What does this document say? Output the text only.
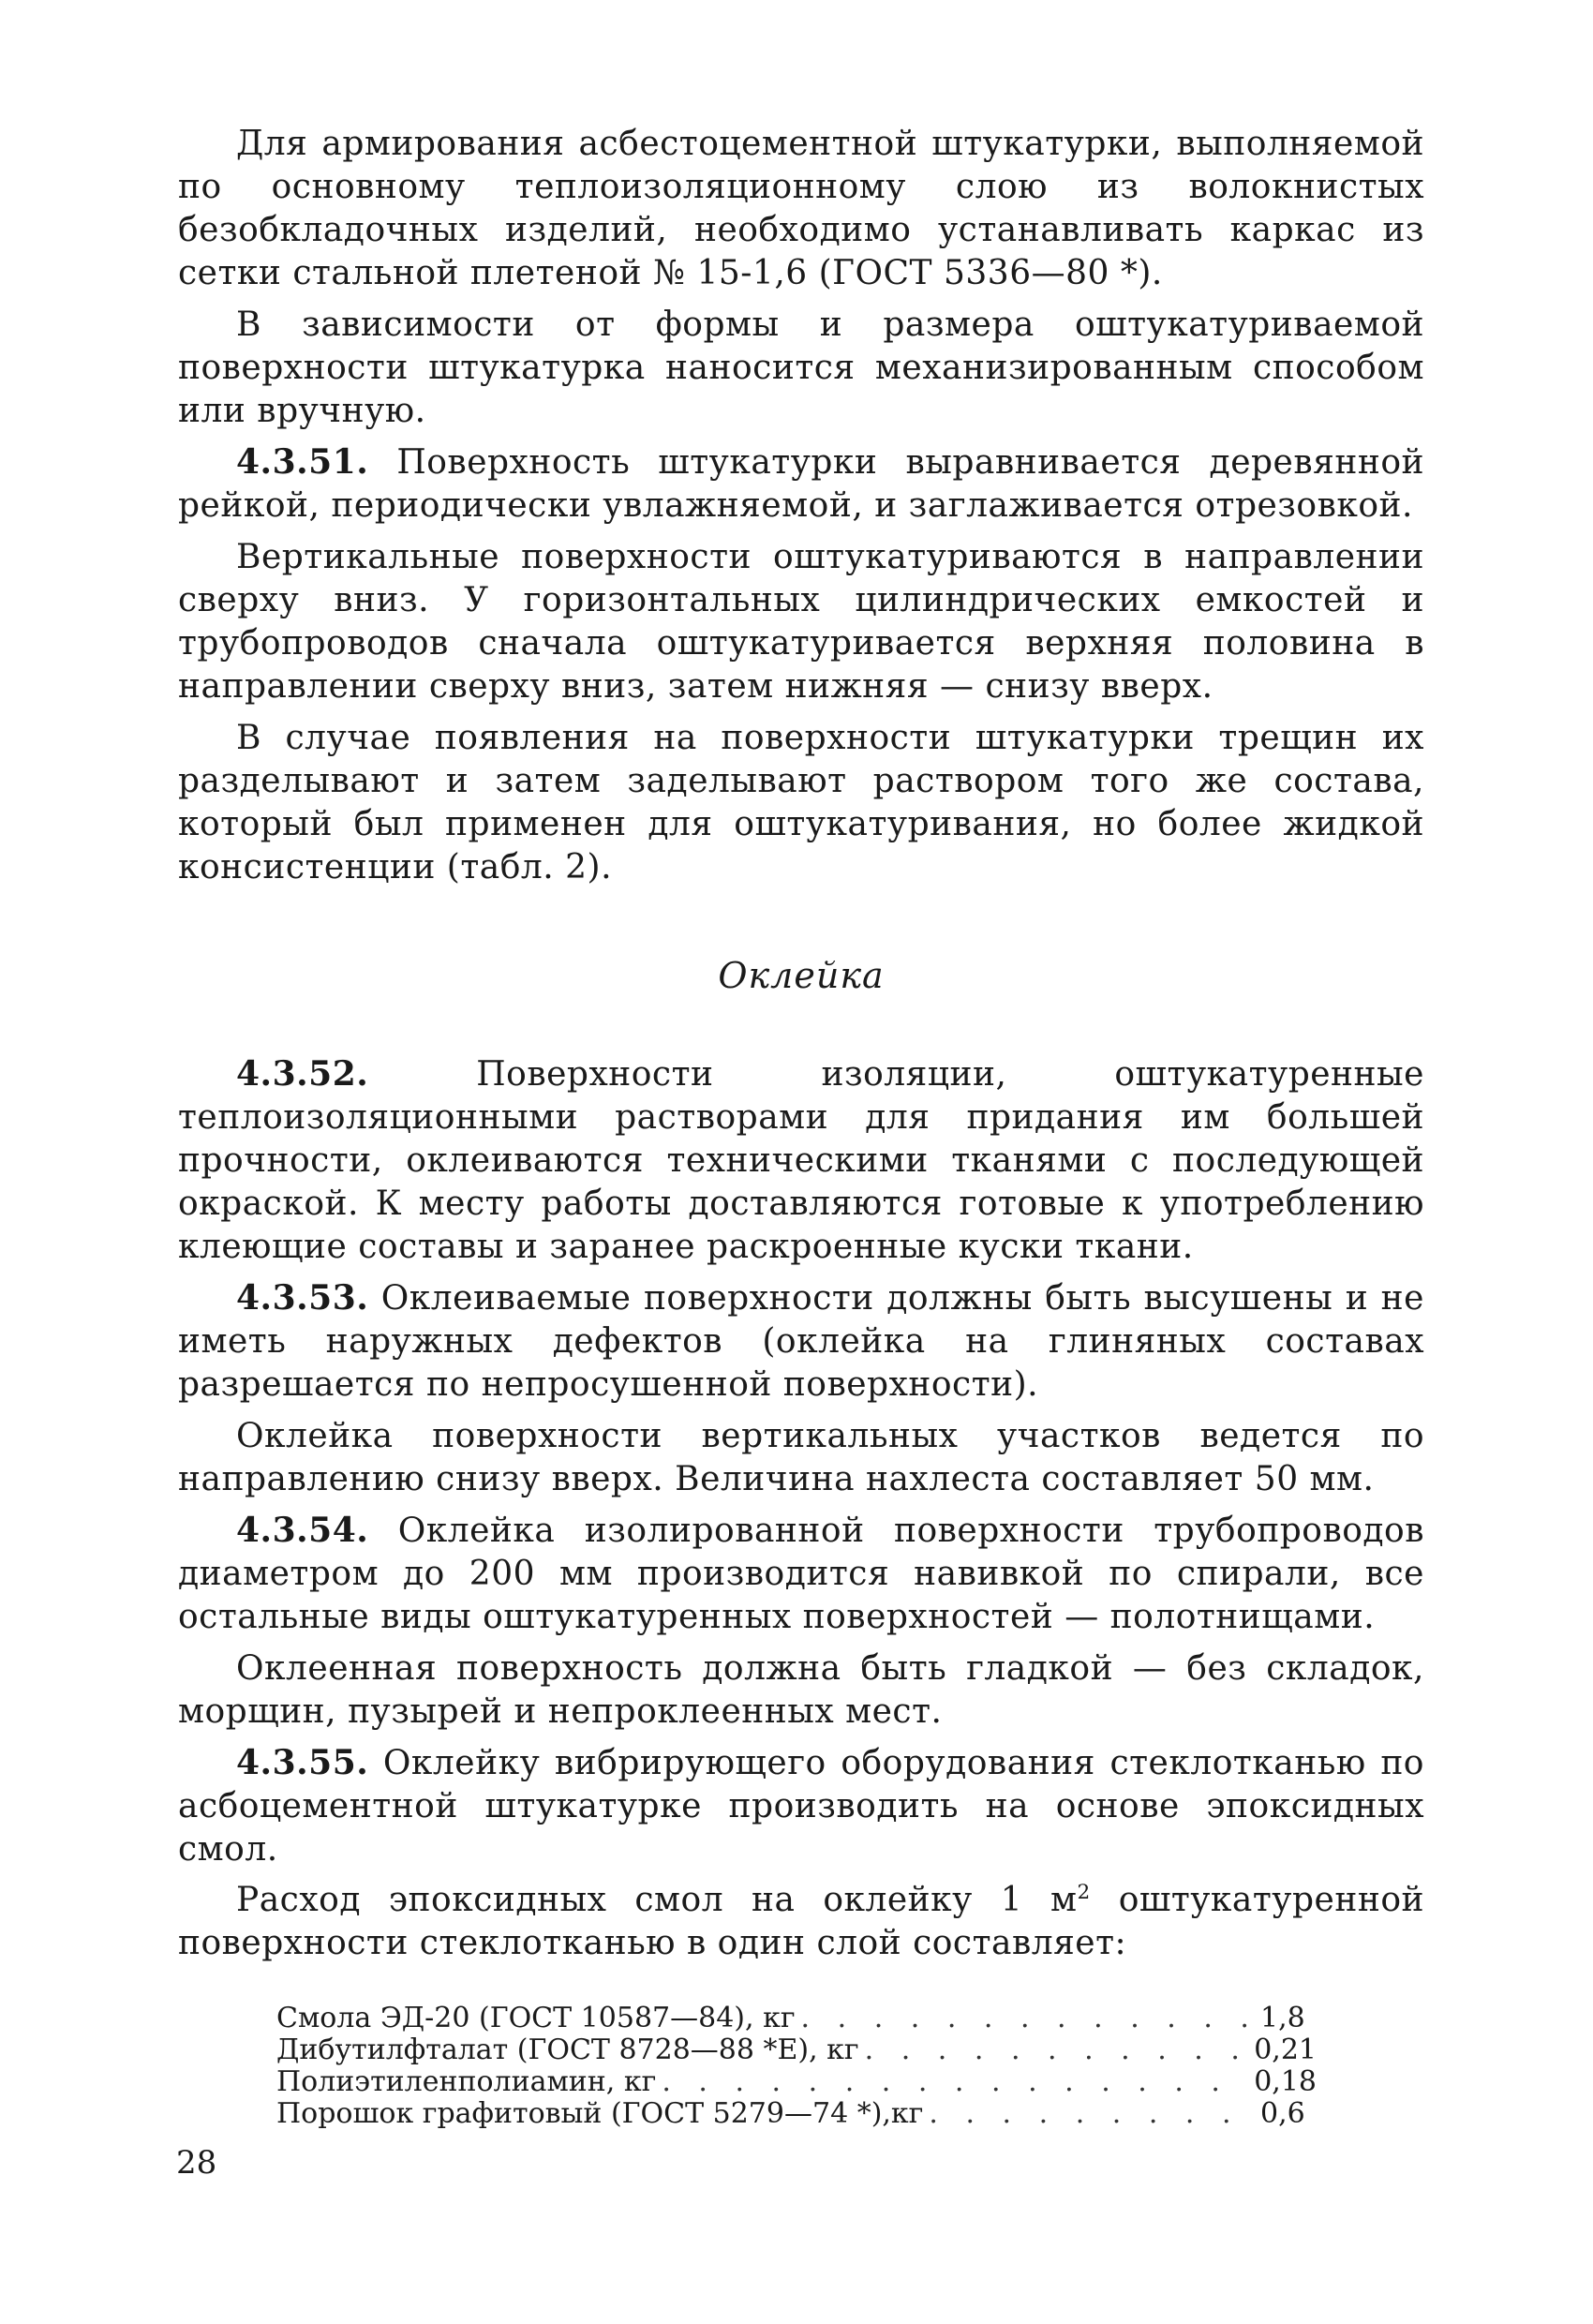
Для армирования асбестоцементной штукатурки, выполняемой по основному теплоизоляционному слою из волокнистых безобкладочных изделий, необходимо устанавливать каркас из сетки стальной плетеной № 15-1,6 (ГОСТ 5336—80 *).

В зависимости от формы и размера оштукатуриваемой поверхности штукатурка наносится механизированным способом или вручную.

4.3.51. Поверхность штукатурки выравнивается деревянной рейкой, периодически увлажняемой, и заглаживается отрезовкой.

Вертикальные поверхности оштукатуриваются в направлении сверху вниз. У горизонтальных цилиндрических емкостей и трубопроводов сначала оштукатуривается верхняя половина в направлении сверху вниз, затем нижняя — снизу вверх.

В случае появления на поверхности штукатурки трещин их разделывают и затем заделывают раствором того же состава, который был применен для оштукатуривания, но более жидкой консистенции (табл. 2).

Оклейка

4.3.52.	Поверхности изоляции, оштукатуренные теплоизоляционными растворами для придания им большей прочности, оклеиваются техническими тканями с последующей окраской. К месту работы доставляются готовые к употреблению клеющие составы и заранее раскроенные куски ткани.

4.3.53. Оклеиваемые поверхности должны быть высушены и не иметь наружных дефектов (оклейка на глиняных составах разрешается по непросушенной поверхности).

Оклейка поверхности вертикальных участков ведется по направлению снизу вверх. Величина нахлеста составляет 50 мм.

4.3.54. Оклейка изолированной поверхности трубопроводов диаметром до 200 мм производится навивкой по спирали, все остальные виды оштукатуренных поверхностей — полотнищами.

Оклеенная поверхность должна быть гладкой — без складок, морщин, пузырей и непроклеенных мест.

4.3.55. Оклейку вибрирующего оборудования стеклотканью по асбоцементной штукатурке производить на основе эпоксидных смол.

Расход эпоксидных смол на оклейку 1 $м^2$ оштукатуренной поверхности стеклотканью в один слой составляет:

Смола ЭД-20 (ГОСТ 10587—84), кг . . .	1,8
Дибутилфталат (ГОСТ 8728—88 *Е), кг . . .	0,21
Полиэтиленполиамин, кг . . .	0,18
Порошок графитовый (ГОСТ 5279—74 *),кг . . .	0,6
28
